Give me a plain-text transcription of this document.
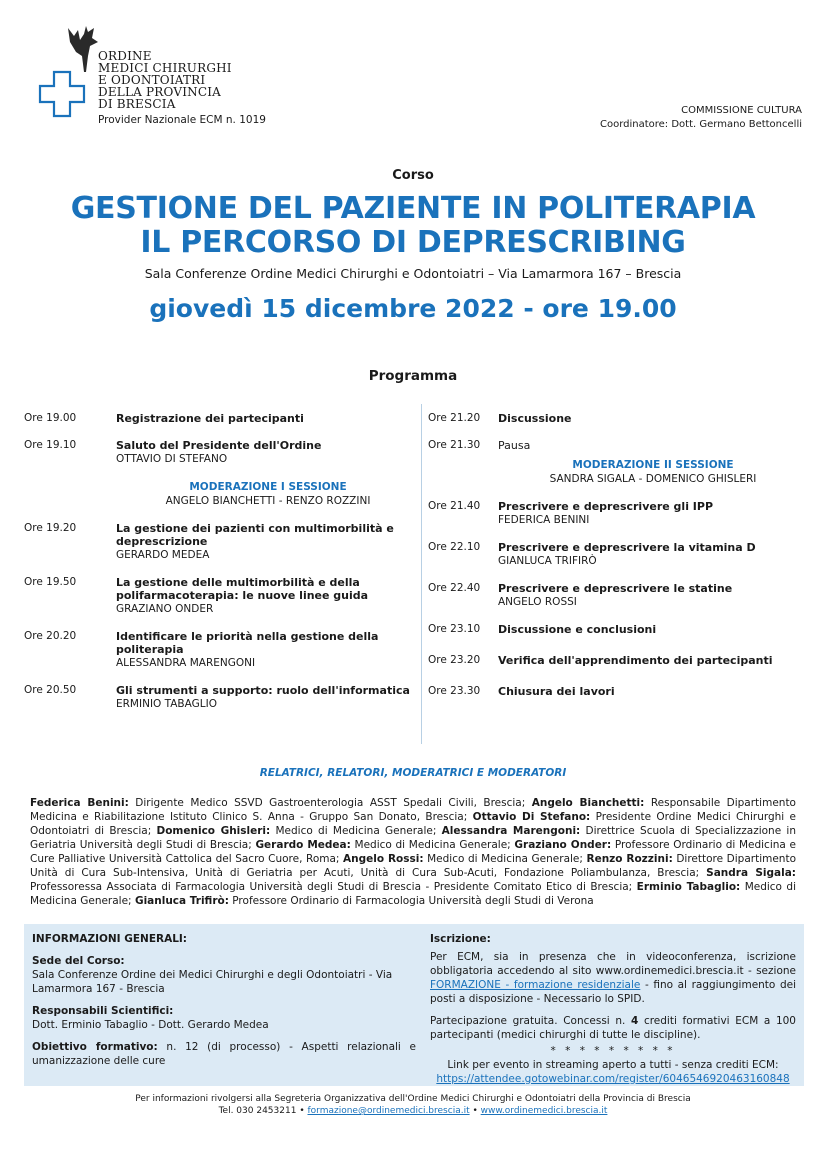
ORDINE
MEDICI CHIRURGHI
E ODONTOIATRI
DELLA PROVINCIA
DI BRESCIA
Provider Nazionale ECM n. 1019
COMMISSIONE CULTURA
Coordinatore: Dott. Germano Bettoncelli
Corso
GESTIONE DEL PAZIENTE IN POLITERAPIA
IL PERCORSO DI DEPRESCRIBING
Sala Conferenze Ordine Medici Chirurghi e Odontoiatri – Via Lamarmora 167 – Brescia
giovedì 15 dicembre 2022 - ore 19.00
Programma
Ore 19.00	Registrazione dei partecipanti
Ore 19.10	Saluto del Presidente dell'Ordine
OTTAVIO DI STEFANO
MODERAZIONE I SESSIONE
ANGELO BIANCHETTI - RENZO ROZZINI
Ore 19.20	La gestione dei pazienti con multimorbilità e deprescrizione
GERARDO MEDEA
Ore 19.50	La gestione delle multimorbilità e della polifarmacoterapia: le nuove linee guida
GRAZIANO ONDER
Ore 20.20	Identificare le priorità nella gestione della politerapia
ALESSANDRA MARENGONI
Ore 20.50	Gli strumenti a supporto: ruolo dell'informatica
ERMINIO TABAGLIO
Ore 21.20 Discussione
Ore 21.30 Pausa
MODERAZIONE II SESSIONE
SANDRA SIGALA - DOMENICO GHISLERI
Ore 21.40 Prescrivere e deprescrivere gli IPP
FEDERICA BENINI
Ore 22.10 Prescrivere e deprescrivere la vitamina D
GIANLUCA TRIFIRÒ
Ore 22.40 Prescrivere e deprescrivere le statine
ANGELO ROSSI
Ore 23.10 Discussione e conclusioni
Ore 23.20 Verifica dell'apprendimento dei partecipanti
Ore 23.30 Chiusura dei lavori
RELATRICI, RELATORI, MODERATRICI E MODERATORI
Federica Benini: Dirigente Medico SSVD Gastroenterologia ASST Spedali Civili, Brescia; Angelo Bianchetti: Responsabile Dipartimento Medicina e Riabilitazione Istituto Clinico S. Anna - Gruppo San Donato, Brescia; Ottavio Di Stefano: Presidente Ordine Medici Chirurghi e Odontoiatri di Brescia; Domenico Ghisleri: Medico di Medicina Generale; Alessandra Marengoni: Direttrice Scuola di Specializzazione in Geriatria Università degli Studi di Brescia; Gerardo Medea: Medico di Medicina Generale; Graziano Onder: Professore Ordinario di Medicina e Cure Palliative Università Cattolica del Sacro Cuore, Roma; Angelo Rossi: Medico di Medicina Generale; Renzo Rozzini: Direttore Dipartimento Unità di Cura Sub-Intensiva, Unità di Geriatria per Acuti, Unità di Cura Sub-Acuti, Fondazione Poliambulanza, Brescia; Sandra Sigala: Professoressa Associata di Farmacologia Università degli Studi di Brescia - Presidente Comitato Etico di Brescia; Erminio Tabaglio: Medico di Medicina Generale; Gianluca Trifirò: Professore Ordinario di Farmacologia Università degli Studi di Verona

INFORMAZIONI GENERALI:

Sede del Corso:
Sala Conferenze Ordine dei Medici Chirurghi e degli Odontoiatri - Via Lamarmora 167 - Brescia

Responsabili Scientifici:
Dott. Erminio Tabaglio - Dott. Gerardo Medea

Obiettivo formativo: n. 12 (di processo) - Aspetti relazionali e umanizzazione delle cure

Iscrizione:

Per ECM, sia in presenza che in videoconferenza, iscrizione obbligatoria accedendo al sito www.ordinemedici.brescia.it - sezione FORMAZIONE - formazione residenziale - fino al raggiungimento dei posti a disposizione - Necessario lo SPID.

Partecipazione gratuita. Concessi n. 4 crediti formativi ECM a 100 partecipanti (medici chirurghi di tutte le discipline).

* * * * * * * * *

Link per evento in streaming aperto a tutti - senza crediti ECM:
https://attendee.gotowebinar.com/register/6046546920463160848

Per informazioni rivolgersi alla Segreteria Organizzativa dell'Ordine Medici Chirurghi e Odontoiatri della Provincia di Brescia
Tel. 030 2453211 • formazione@ordinemedici.brescia.it • www.ordinemedici.brescia.it
